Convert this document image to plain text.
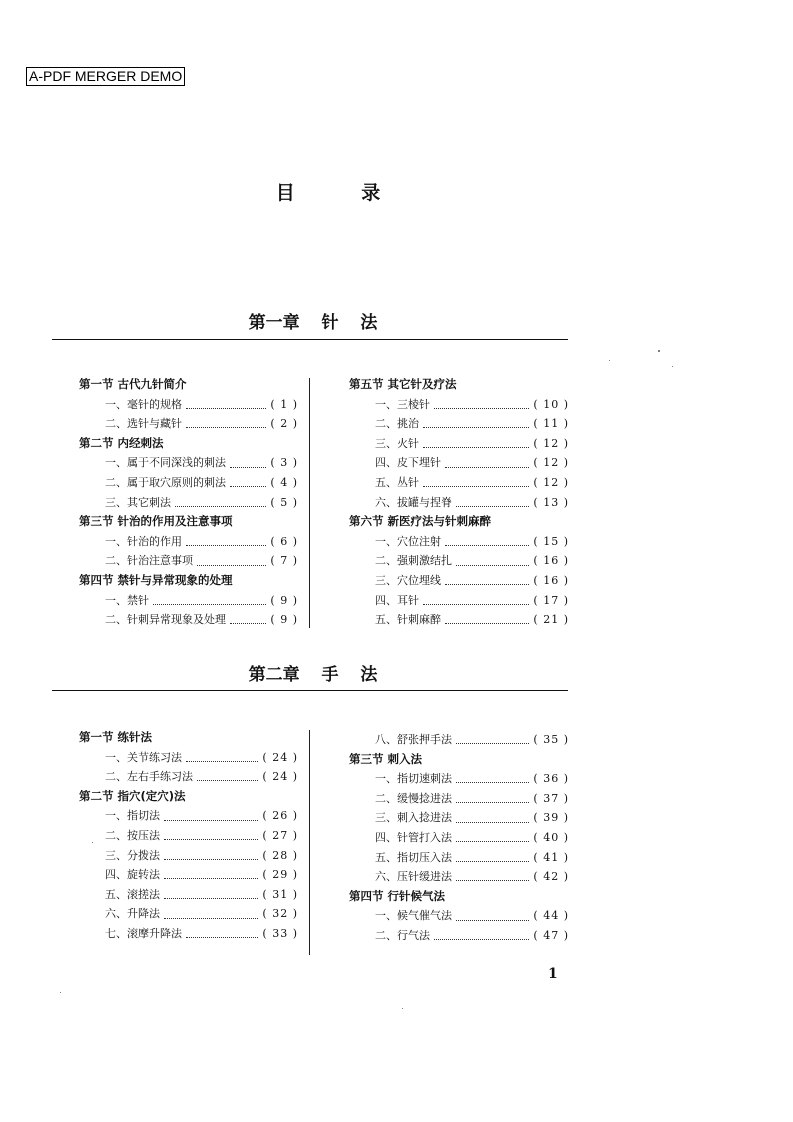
A-PDF MERGER DEMO
目 录
第一章 针 法
第一节 古代九针简介
一、毫针的规格	( 1 )
二、选针与藏针	( 2 )
第二节 内经刺法
一、属于不同深浅的刺法	( 3 )
二、属于取穴原则的刺法	( 4 )
三、其它刺法	( 5 )
第三节 针治的作用及注意事项
一、针治的作用	( 6 )
二、针治注意事项	( 7 )
第四节 禁针与异常现象的处理
一、禁针	( 9 )
二、针刺异常现象及处理	( 9 )
第五节 其它针及疗法
一、三棱针	( 10 )
二、挑治	( 11 )
三、火针	( 12 )
四、皮下埋针	( 12 )
五、丛针	( 12 )
六、拔罐与捏脊	( 13 )
第六节 新医疗法与针刺麻醉
一、穴位注射	( 15 )
二、强刺激结扎	( 16 )
三、穴位埋线	( 16 )
四、耳针	( 17 )
五、针刺麻醉	( 21 )
第二章 手 法
第一节 练针法
一、关节练习法	( 24 )
二、左右手练习法	( 24 )
第二节 指穴(定穴)法
一、指切法	( 26 )
二、按压法	( 27 )
三、分拨法	( 28 )
四、旋转法	( 29 )
五、滚搓法	( 31 )
六、升降法	( 32 )
七、滚摩升降法	( 33 )
八、舒张押手法	( 35 )
第三节 刺入法
一、指切速刺法	( 36 )
二、缓慢捻进法	( 37 )
三、刺入捻进法	( 39 )
四、针管打入法	( 40 )
五、指切压入法	( 41 )
六、压针缓进法	( 42 )
第四节 行针候气法
一、候气催气法	( 44 )
二、行气法	( 47 )
1
